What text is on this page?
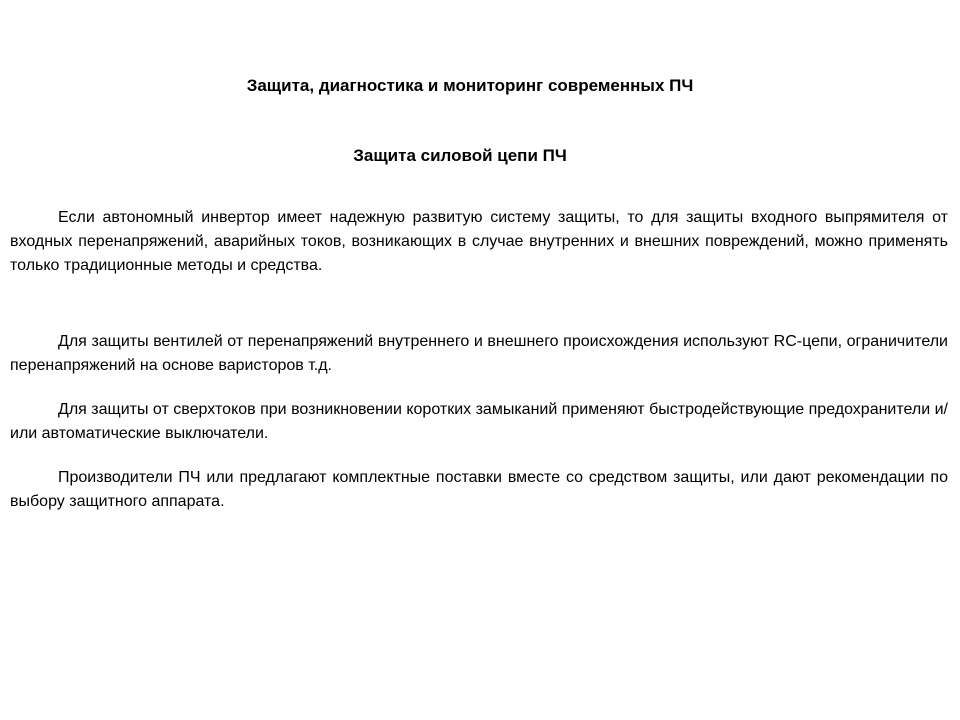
Защита, диагностика и мониторинг современных ПЧ
Защита силовой цепи ПЧ

Если автономный инвертор имеет надежную развитую систему защиты, то для защиты входного выпрямителя от входных перенапряжений, аварийных токов, возникающих в случае внутренних и внешних повреждений, можно применять только традиционные методы и средства.

Для защиты вентилей от перенапряжений внутреннего и внешнего происхождения используют RC-цепи, ограничители перенапряжений на основе варисторов т.д.

Для защиты от сверхтоков при возникновении коротких замыканий применяют быстродействующие предохранители и/или автоматические выключатели.

Производители ПЧ или предлагают комплектные поставки вместе со средством защиты, или дают рекомендации по выбору защитного аппарата.
